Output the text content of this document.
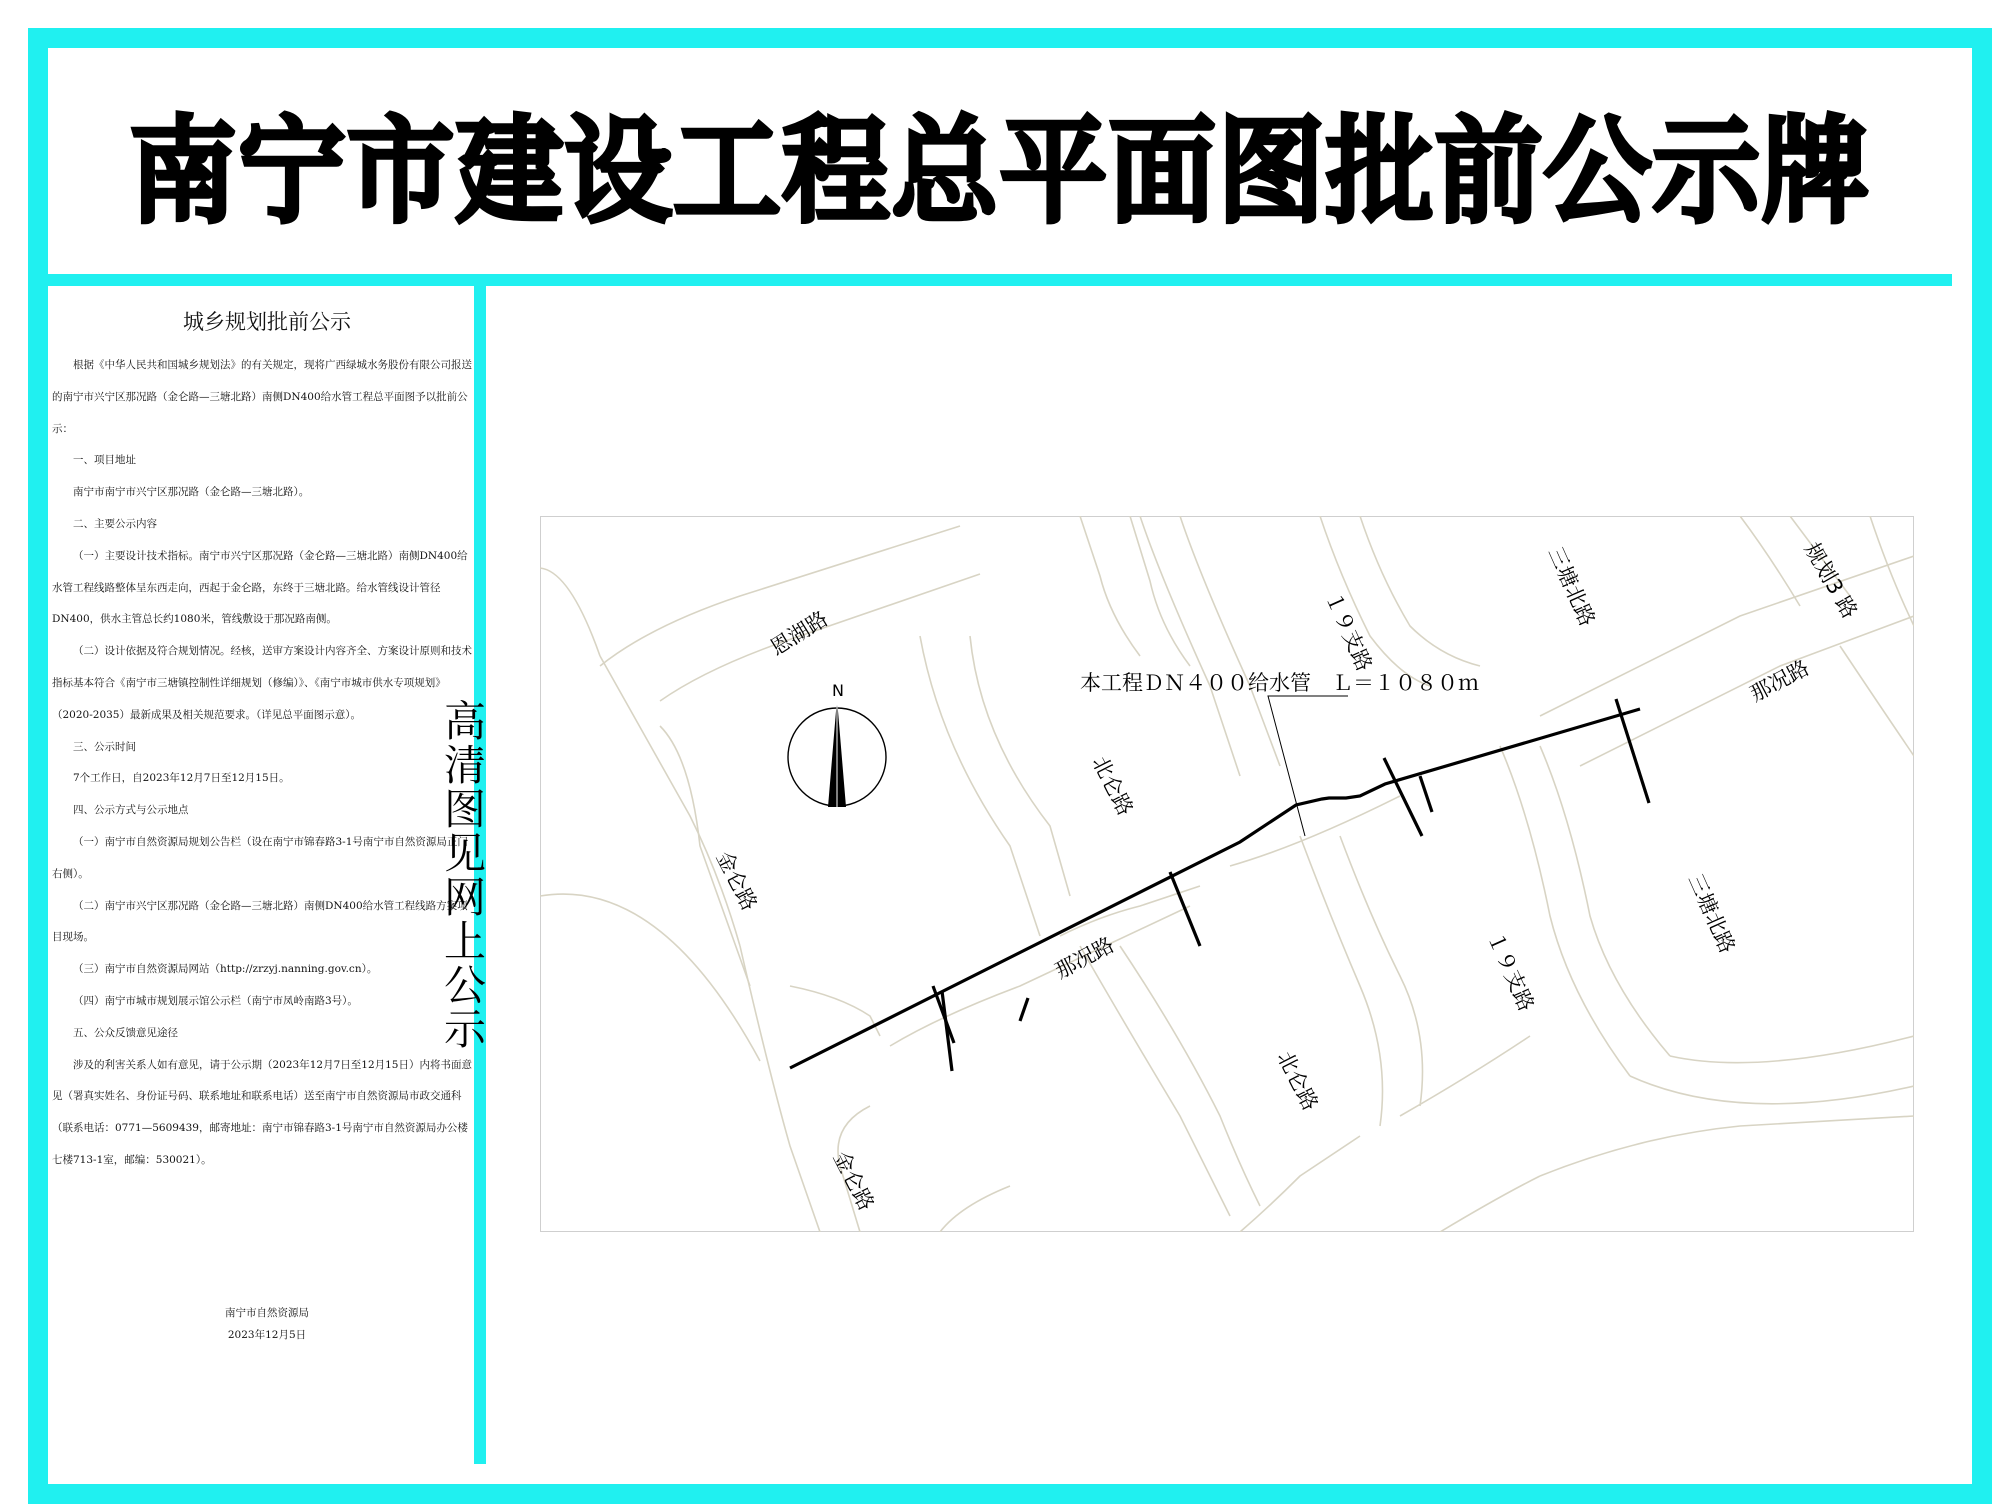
南宁市建设工程总平面图批前公示牌
城乡规划批前公示

根据《中华人民共和国城乡规划法》的有关规定，现将广西绿城水务股份有限公司报送的南宁市兴宁区那况路（金仑路—三塘北路）南侧DN400给水管工程总平面图予以批前公示：

一、项目地址

南宁市南宁市兴宁区那况路（金仑路—三塘北路）。

二、主要公示内容

（一）主要设计技术指标。南宁市兴宁区那况路（金仑路—三塘北路）南侧DN400给水管工程线路整体呈东西走向，西起于金仑路，东终于三塘北路。给水管线设计管径DN400，供水主管总长约1080米，管线敷设于那况路南侧。

（二）设计依据及符合规划情况。经核，送审方案设计内容齐全、方案设计原则和技术指标基本符合《南宁市三塘镇控制性详细规划（修编）》、《南宁市城市供水专项规划》（2020-2035）最新成果及相关规范要求。（详见总平面图示意）。

三、公示时间

7个工作日，自2023年12月7日至12月15日。

四、公示方式与公示地点

（一）南宁市自然资源局规划公告栏（设在南宁市锦春路3-1号南宁市自然资源局正门右侧）。

（二）南宁市兴宁区那况路（金仑路—三塘北路）南侧DN400给水管工程线路方案项目现场。

（三）南宁市自然资源局网站（http://zrzyj.nanning.gov.cn）。

（四）南宁市城市规划展示馆公示栏（南宁市凤岭南路3号）。

五、公众反馈意见途径

涉及的利害关系人如有意见，请于公示期（2023年12月7日至12月15日）内将书面意见（署真实姓名、身份证号码、联系地址和联系电话）送至南宁市自然资源局市政交通科（联系电话：0771—5609439，邮寄地址：南宁市锦春路3-1号南宁市自然资源局办公楼七楼713-1室，邮编：530021）。

南宁市自然资源局
2023年12月5日
高
清
图
见
网
上
公
示
本工程ＤＮ４００给水管　Ｌ＝１０８０ｍ
N
恩湖路
金仑路
金仑路
北仑路
北仑路
那况路
那况路
１９支路
１９支路
三塘北路
三塘北路
规划3 路
